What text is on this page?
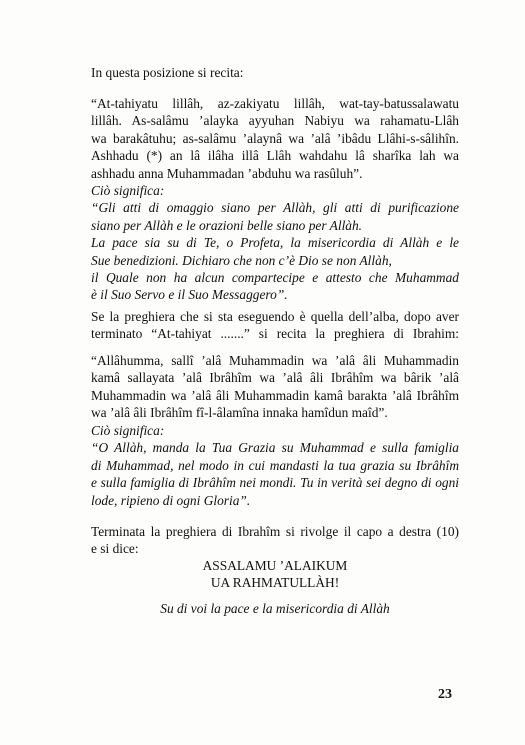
In questa posizione si recita:
“At-tahiyatu lillâh, az-zakiyatu lillâh, wat-tay-batussalawatu
lillâh. As-salâmu ’alayka ayyuhan Nabiyu wa rahamatu-Llâh
wa barakâtuhu; as-salâmu ’alaynâ wa ’alâ ’ibâdu Llâhi-s-sâlihîn.
Ashhadu (*) an lâ ilâha illâ Llâh wahdahu lâ sharîka lah wa
ashhadu anna Muhammadan ’abduhu wa rasûluh”.
Ciò significa:
“Gli atti di omaggio siano per Allàh, gli atti di purificazione
siano per Allàh e le orazioni belle siano per Allàh.
La pace sia su di Te, o Profeta, la misericordia di Allàh e le
Sue benedizioni. Dichiaro che non c’è Dio se non Allàh,
il Quale non ha alcun compartecipe e attesto che Muhammad
è il Suo Servo e il Suo Messaggero”.
Se la preghiera che si sta eseguendo è quella dell’alba, dopo aver
terminato “At-tahiyat .......” si recita la preghiera di Ibrahim:
“Allâhumma, sallî ’alâ Muhammadin wa ’alâ âli Muhammadin
kamâ sallayata ’alâ Ibrâhîm wa ’alâ âli Ibrâhîm wa bârik ’alâ
Muhammadin wa ’alâ âli Muhammadin kamâ barakta ’alâ Ibrâhîm
wa ’alâ âli Ibrâhîm fî-l-âlamîna innaka hamîdun maîd”.
Ciò significa:
“O Allàh, manda la Tua Grazia su Muhammad e sulla famiglia
di Muhammad, nel modo in cui mandasti la tua grazia su Ibrâhîm
e sulla famiglia di Ibrâhîm nei mondi. Tu in verità sei degno di ogni
lode, ripieno di ogni Gloria”.
Terminata la preghiera di Ibrahîm si rivolge il capo a destra (10)
e si dice:
ASSALAMU ’ALAIKUM
UA RAHMATULLÀH!
Su di voi la pace e la misericordia di Allàh
23
